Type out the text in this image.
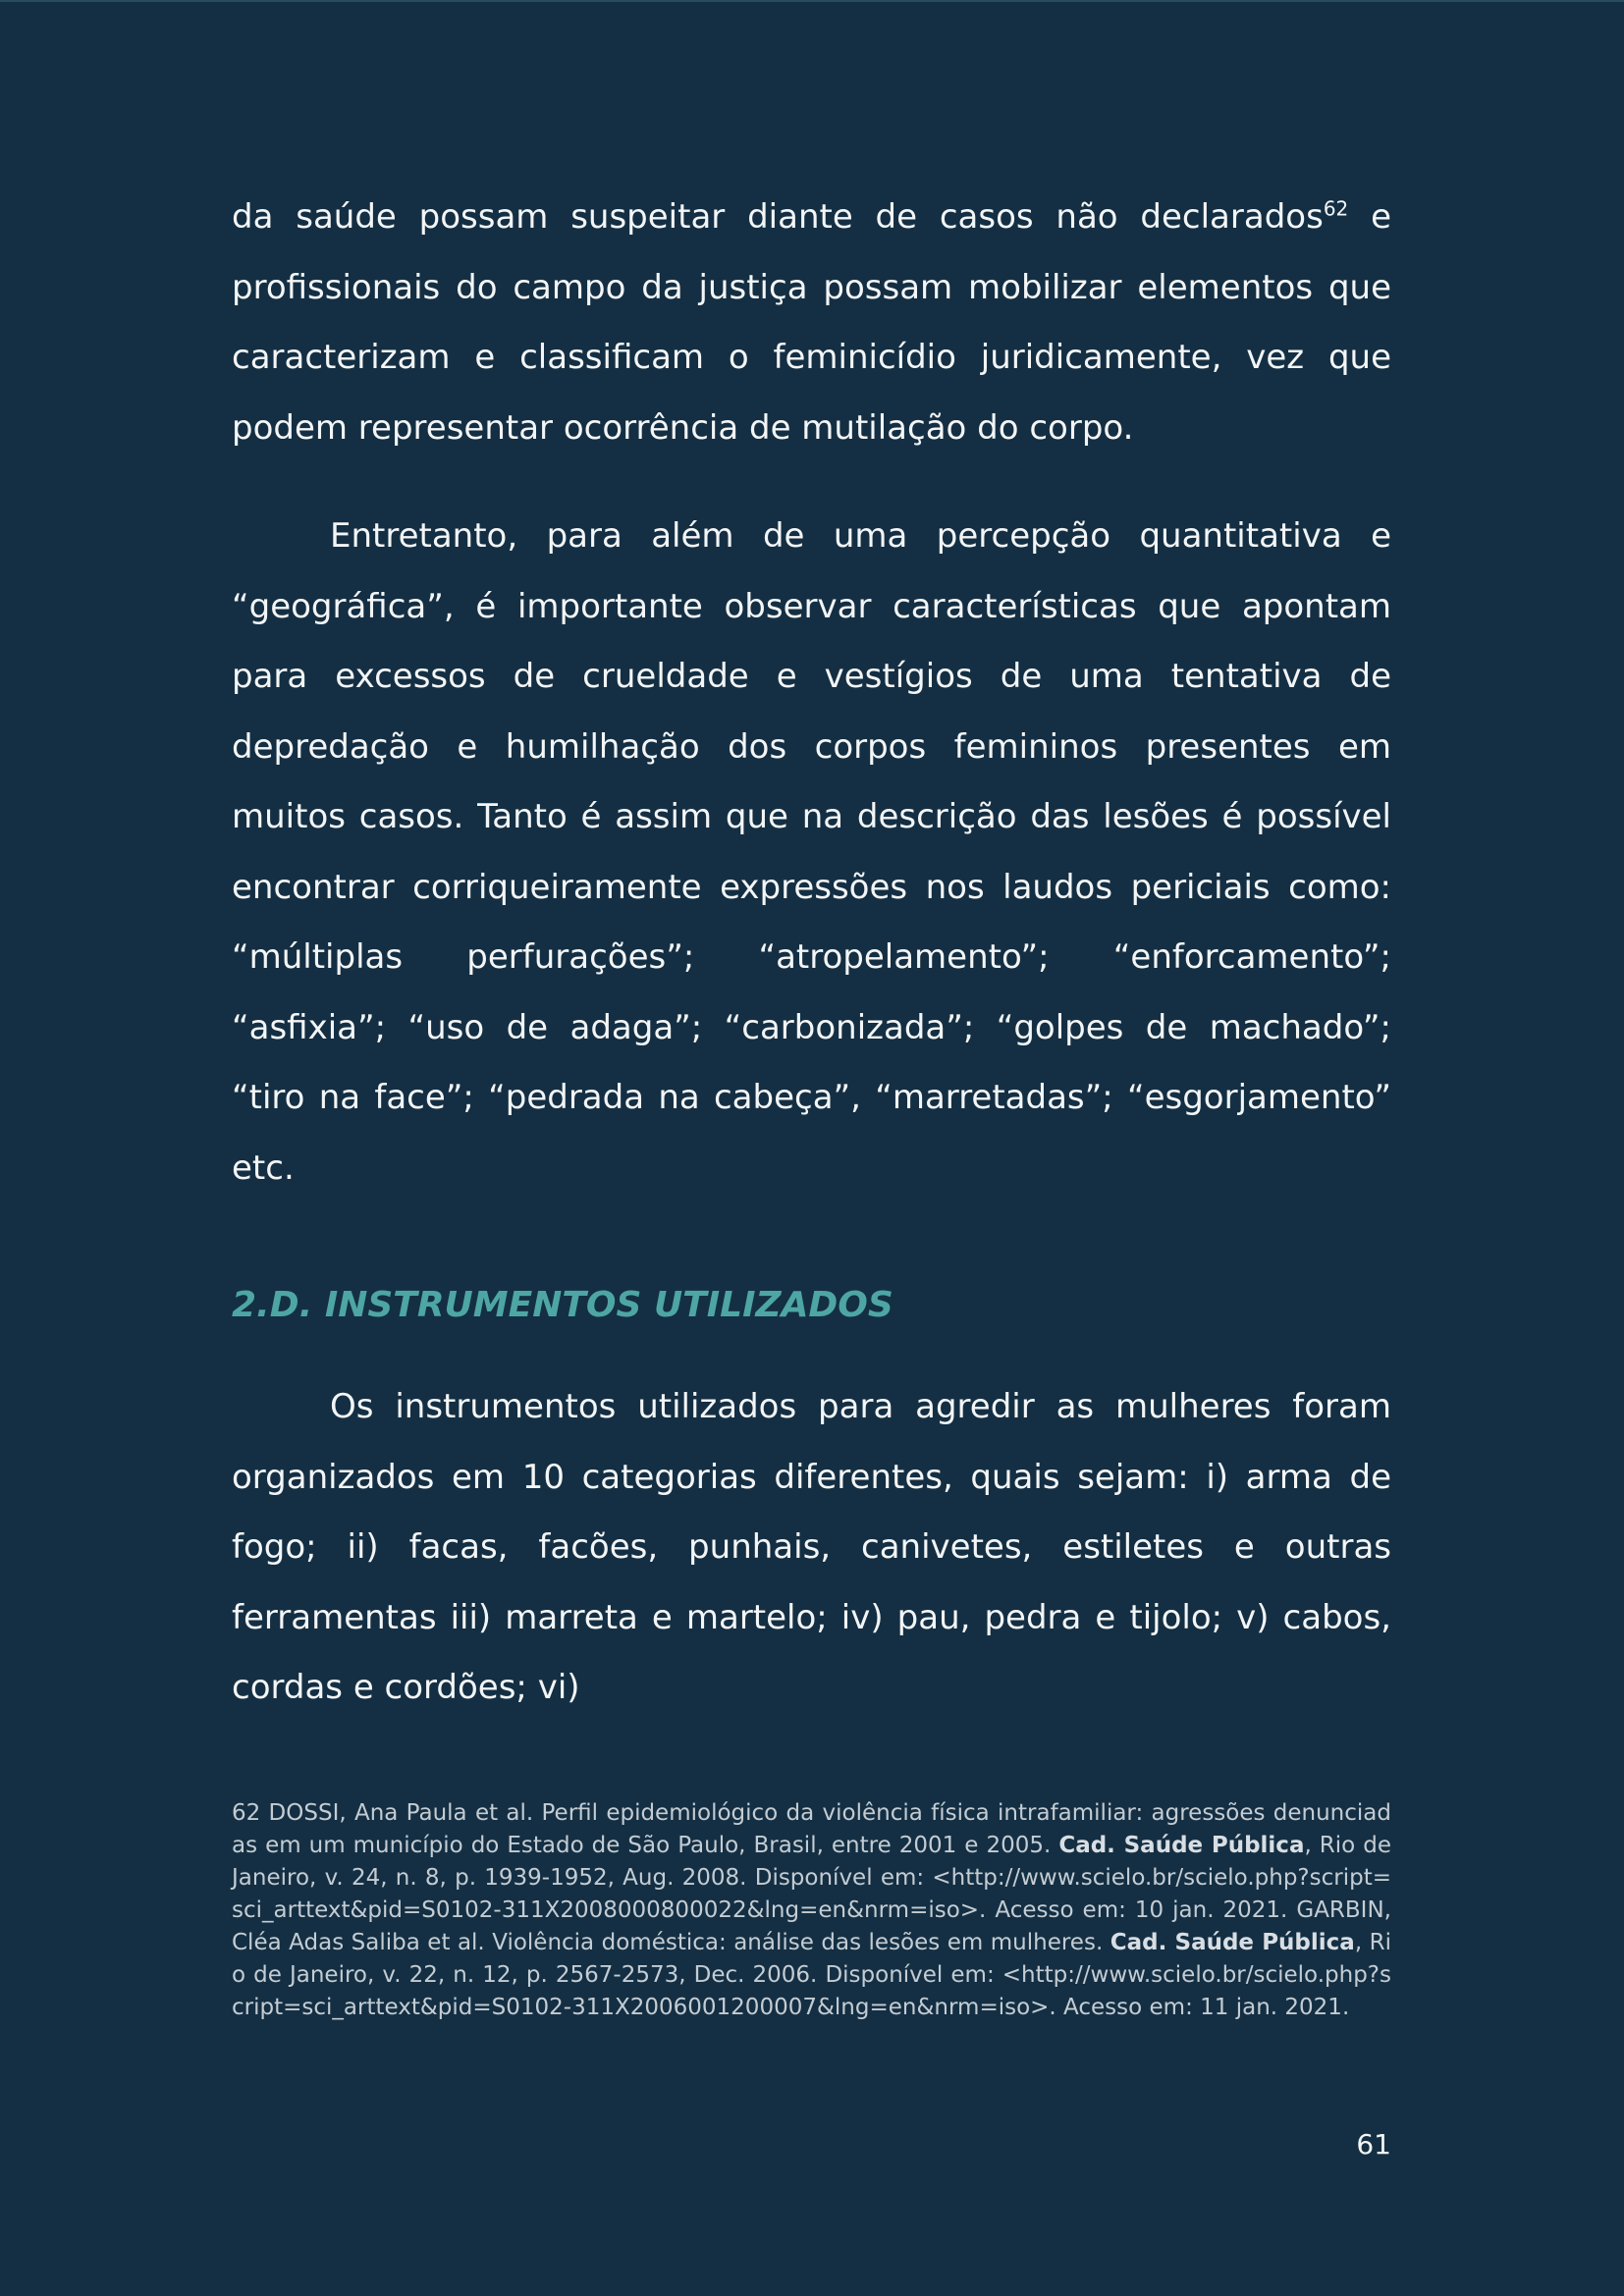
da saúde possam suspeitar diante de casos não declarados$^{62}$ e profissionais do campo da justiça possam mobilizar elementos que caracterizam e classificam o feminicídio juridicamente, vez que podem representar ocorrência de mutilação do corpo.

Entretanto, para além de uma percepção quantitativa e “geográfica”, é importante observar características que apontam para excessos de crueldade e vestígios de uma tentativa de depredação e humilhação dos corpos femininos presentes em muitos casos. Tanto é assim que na descrição das lesões é possível encontrar corriqueiramente expressões nos laudos periciais como: “múltiplas perfurações”; “atropelamento”; “enforcamento”; “asfixia”; “uso de adaga”; “carbonizada”; “golpes de machado”; “tiro na face”; “pedrada na cabeça”, “marretadas”; “esgorjamento” etc.

2.D. INSTRUMENTOS UTILIZADOS

Os instrumentos utilizados para agredir as mulheres foram organizados em 10 categorias diferentes, quais sejam: i) arma de fogo; ii) facas, facões, punhais, canivetes, estiletes e outras ferramentas iii) marreta e martelo; iv) pau, pedra e tijolo; v) cabos, cordas e cordões; vi)

62 DOSSI, Ana Paula et al. Perfil epidemiológico da violência física intrafamiliar: agressões denunciadas em um município do Estado de São Paulo, Brasil, entre 2001 e 2005. Cad. Saúde Pública, Rio de Janeiro, v. 24, n. 8, p. 1939-1952, Aug. 2008. Disponível em: <http://www.scielo.br/scielo.php?script=sci_arttext&pid=S0102-311X2008000800022&lng=en&nrm=iso>. Acesso em: 10 jan. 2021. GARBIN, Cléa Adas Saliba et al. Violência doméstica: análise das lesões em mulheres. Cad. Saúde Pública, Rio de Janeiro, v. 22, n. 12, p. 2567-2573, Dec. 2006. Disponível em: <http://www.scielo.br/scielo.php?script=sci_arttext&pid=S0102-311X2006001200007&lng=en&nrm=iso>. Acesso em: 11 jan. 2021.
61
